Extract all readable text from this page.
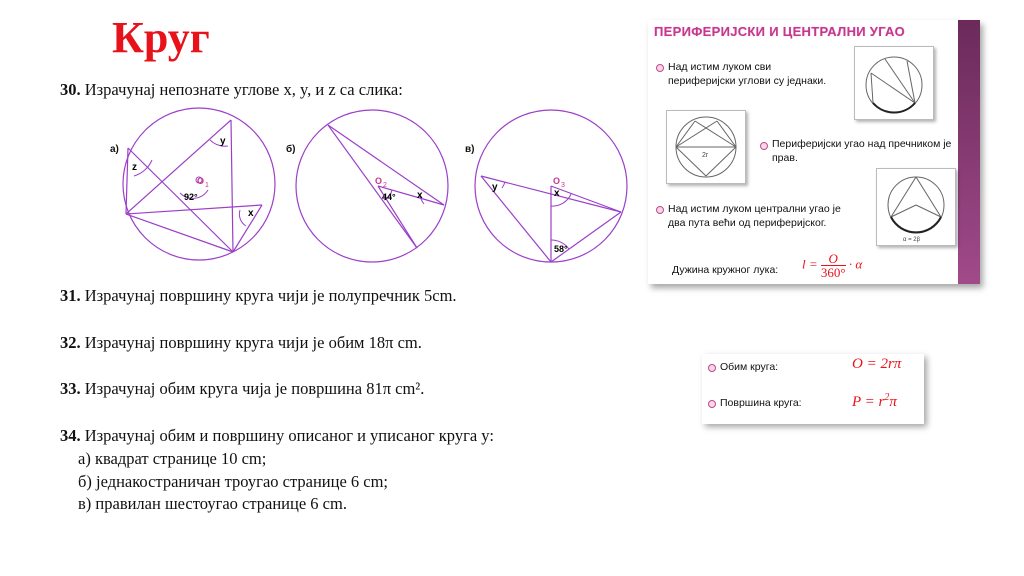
Круг
30. Израчунај непознате углове x, y, и z са слика:
а)	б)	в)
z
y
92°
x
O 1	O 2
44° x
y
x
58°
O 3
31. Израчунај површину круга чији је полупречник 5cm.
32. Израчунај површину круга чији је обим 18π cm.
33. Израчунај обим круга чија је површина 81π cm².
34. Израчунај обим и површину описаног и уписаног круга у:
а) квадрат странице 10 cm;
б) једнакостраничан троугао странице 6 cm;
в) правилан шестоугао странице 6 cm.
ПЕРИФЕРИЈСКИ И ЦЕНТРАЛНИ УГАО
Над истим луком сви
периферијски углови су једнаки.
2r
Периферијски угао над пречником је
прав.
Над истим луком централни угао је
два пута већи од периферијског.
α = 2β
Дужина кружног лука: $l = \frac{O}{360^\circ} \cdot \alpha$
Обим круга:	O = 2rπ
Површина круга:	$P = r^2\pi$
